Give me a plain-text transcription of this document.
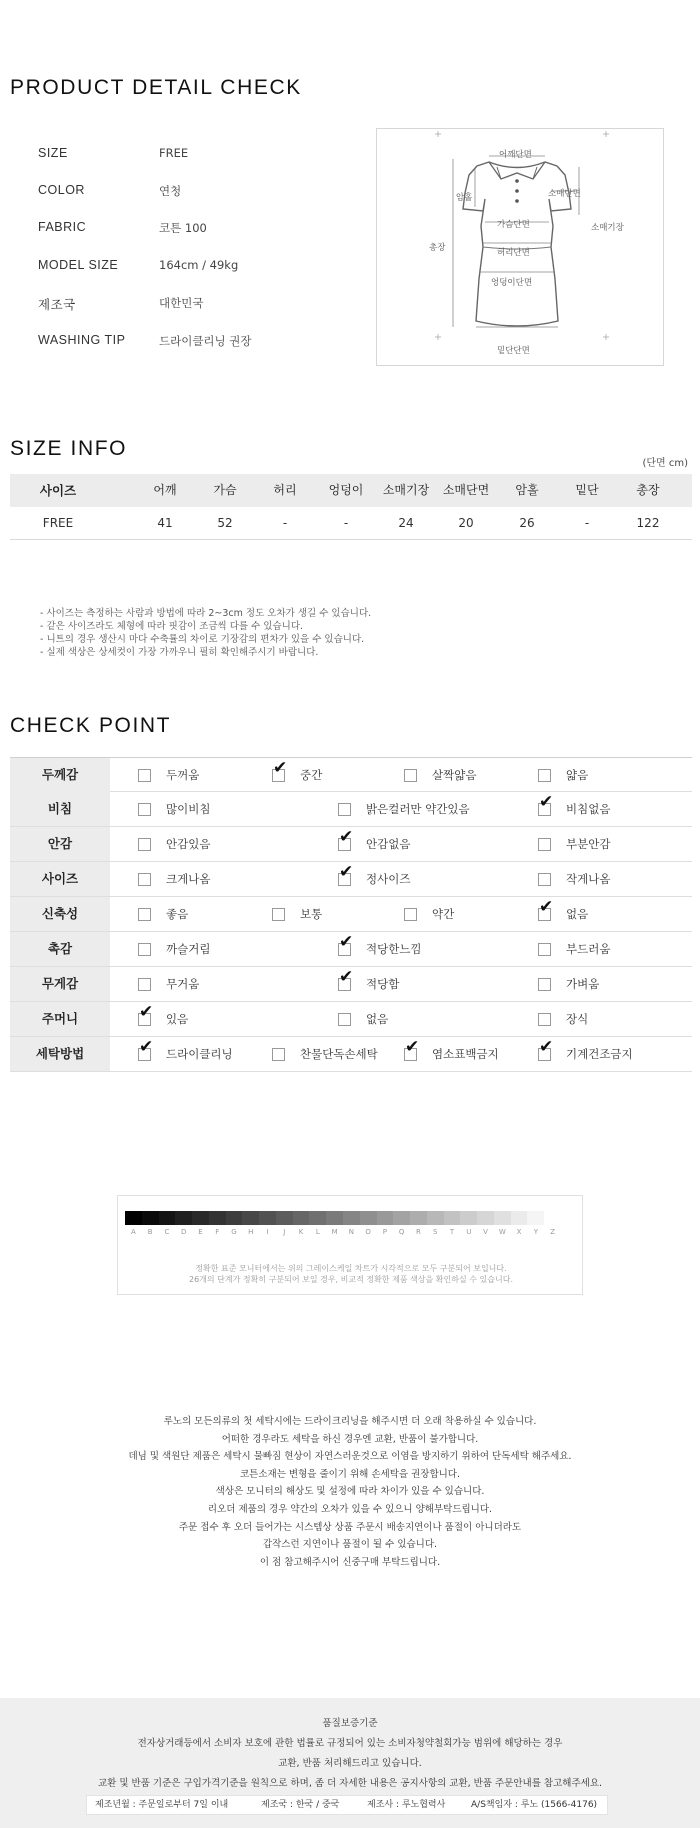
PRODUCT DETAIL CHECK
SIZE	FREE
COLOR	연청
FABRIC	코튼 100
MODEL SIZE	164cm / 49kg
제조국	대한민국
WASHING TIP	드라이클리닝 권장
어깨단면
암홀	소매단면
소매기장
가슴단면
총장	허리단면
엉덩이단면
밑단단면
SIZE INFO
(단면 cm)
사이즈	어깨	가슴	허리	엉덩이	소매기장	소매단면	암홀	밑단	총장
FREE	41	52	-	-	24	20	26	-	122
- 사이즈는 측정하는 사람과 방법에 따라 2~3cm 정도 오차가 생길 수 있습니다.
- 같은 사이즈라도 체형에 따라 핏감이 조금씩 다를 수 있습니다.
- 니트의 경우 생산시 마다 수축률의 차이로 기장감의 편차가 있을 수 있습니다.
- 실제 색상은 상세컷이 가장 가까우니 필히 확인해주시기 바랍니다.
CHECK POINT
두께감	두꺼움	✔ 중간	살짝얇음	얇음
비침	많이비침	밝은컬러만 약간있음	✔ 비침없음
안감	안감있음	✔ 안감없음	부분안감
사이즈	크게나옴	✔ 정사이즈	작게나옴
신축성	좋음	보통	약간	✔ 없음
촉감	까슬거림	✔ 적당한느낌	부드러움
무게감	무거움	✔ 적당함	가벼움
주머니	✔ 있음	없음	장식
세탁방법	✔ 드라이클리닝	찬물단독손세탁 ✔ 염소표백금지 ✔ 기계건조금지
A	B	C	D	E	F	G	H	I	J	K	L	M	N	O	P	Q	R	S	T	U	V	W	X	Y	Z
정확한 표준 모니터에서는 위의 그레이스케일 차트가 시각적으로 모두 구분되어 보입니다.
26개의 단계가 정확히 구분되어 보일 경우, 비교적 정확한 제품 색상을 확인하실 수 있습니다.
루노의 모든의류의 첫 세탁시에는 드라이크리닝을 해주시면 더 오래 착용하실 수 있습니다.
어떠한 경우라도 세탁을 하신 경우엔 교환, 반품이 불가합니다.
데님 및 색원단 제품은 세탁시 물빠짐 현상이 자연스러운것으로 이염을 방지하기 위하여 단독세탁 해주세요.
코튼소재는 변형을 줄이기 위해 손세탁을 권장합니다.
색상은 모니터의 해상도 및 설정에 따라 차이가 있을 수 있습니다.
리오더 제품의 경우 약간의 오차가 있을 수 있으니 양해부탁드립니다.
주문 접수 후 오더 들어가는 시스템상 상품 주문시 배송지연이나 품절이 아니더라도
갑작스런 지연이나 품절이 될 수 있습니다.
이 점 참고해주시어 신중구매 부탁드립니다.
품질보증기준
전자상거래등에서 소비자 보호에 관한 법률로 규정되어 있는 소비자청약철회가능 범위에 해당하는 경우
교환, 반품 처리해드리고 있습니다.
교환 및 반품 기준은 구입가격기준을 원칙으로 하며, 좀 더 자세한 내용은 공지사항의 교환, 반품 주문안내를 참고해주세요.
제조년월 : 주문일로부터 7일 이내	제조국 : 한국 / 중국	제조사 : 루노협력사	A/S책임자 : 루노 (1566-4176)
